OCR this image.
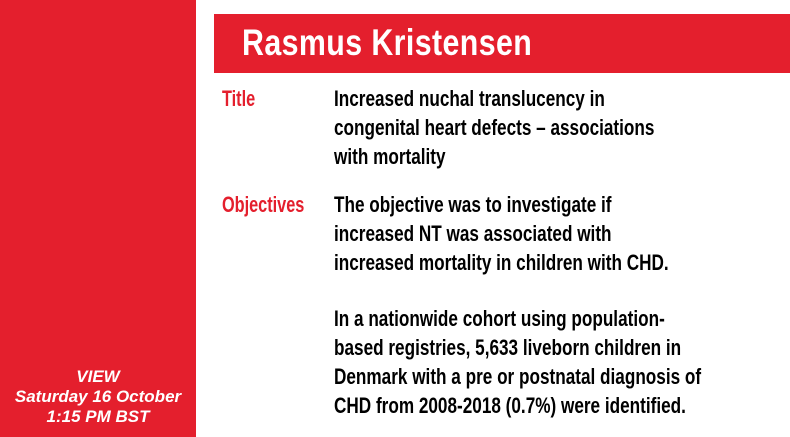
VIEW
Saturday 16 October
1:15 PM BST
Rasmus Kristensen
Title	Increased nuchal translucency in
congenital heart defects – associations
with mortality
Objectives The objective was to investigate if
increased NT was associated with
increased mortality in children with CHD.
In a nationwide cohort using population-
based registries, 5,633 liveborn children in
Denmark with a pre or postnatal diagnosis of
CHD from 2008-2018 (0.7%) were identified.
